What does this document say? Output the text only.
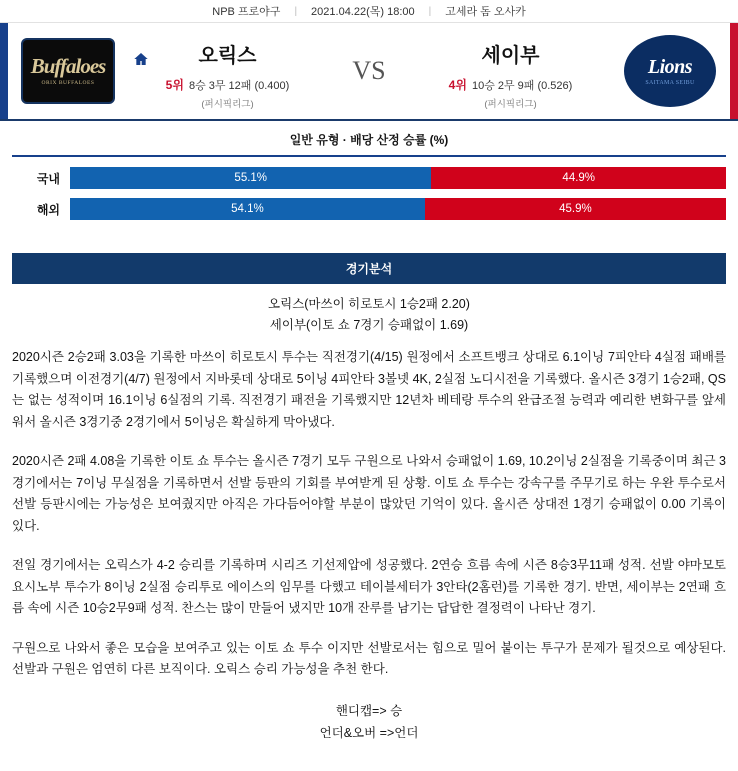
NPB 프로야구 | 2021.04.22(목) 18:00 | 고세라 돔 오사카
Buffaloes
ORIX BUFFALOES
오릭스
5위 8승 3무 12패 (0.400)
(퍼시픽리그)
VS
세이부
4위 10승 2무 9패 (0.526)
(퍼시픽리그)
Lions
SAITAMA SEIBU
일반 유형 · 배당 산정 승률 (%)
국내	55.1%	44.9%
해외	54.1%	45.9%
경기분석
오릭스(마쓰이 히로토시 1승2패 2.20)
세이부(이토 쇼 7경기 승패없이 1.69)

2020시즌 2승2패 3.03을 기록한 마쓰이 히로토시 투수는 직전경기(4/15) 원정에서 소프트뱅크 상대로 6.1이닝 7피안타 4실점 패배를 기록했으며 이전경기(4/7) 원정에서 지바롯데 상대로 5이닝 4피안타 3볼넷 4K, 2실점 노디시전을 기록했다. 올시즌 3경기 1승2패, QS는 없는 성적이며 16.1이닝 6실점의 기록. 직전경기 패전을 기록했지만 12년차 베테랑 투수의 완급조절 능력과 예리한 변화구를 앞세워서 올시즌 3경기중 2경기에서 5이닝은 확실하게 막아냈다.

2020시즌 2패 4.08을 기록한 이토 쇼 투수는 올시즌 7경기 모두 구원으로 나와서 승패없이 1.69, 10.2이닝 2실점을 기록중이며 최근 3경기에서는 7이닝 무실점을 기록하면서 선발 등판의 기회를 부여받게 된 상황. 이토 쇼 투수는 강속구를 주무기로 하는 우완 투수로서 선발 등판시에는 가능성은 보여줬지만 아직은 가다듬어야할 부분이 많았던 기억이 있다. 올시즌 상대전 1경기 승패없이 0.00 기록이 있다.

전일 경기에서는 오릭스가 4-2 승리를 기록하며 시리즈 기선제압에 성공했다. 2연승 흐름 속에 시즌 8승3무11패 성적. 선발 야마모토 요시노부 투수가 8이닝 2실점 승리투로 에이스의 임무를 다했고 테이블세터가 3안타(2홈런)를 기록한 경기. 반면, 세이부는 2연패 흐름 속에 시즌 10승2무9패 성적. 찬스는 많이 만들어 냈지만 10개 잔루를 남기는 답답한 결정력이 나타난 경기.

구원으로 나와서 좋은 모습을 보여주고 있는 이토 쇼 투수 이지만 선발로서는 힘으로 밀어 붙이는 투구가 문제가 될것으로 예상된다. 선발과 구원은 엄연히 다른 보직이다. 오릭스 승리 가능성을 추천 한다.

핸디캡=> 승
언더&오버 =>언더
